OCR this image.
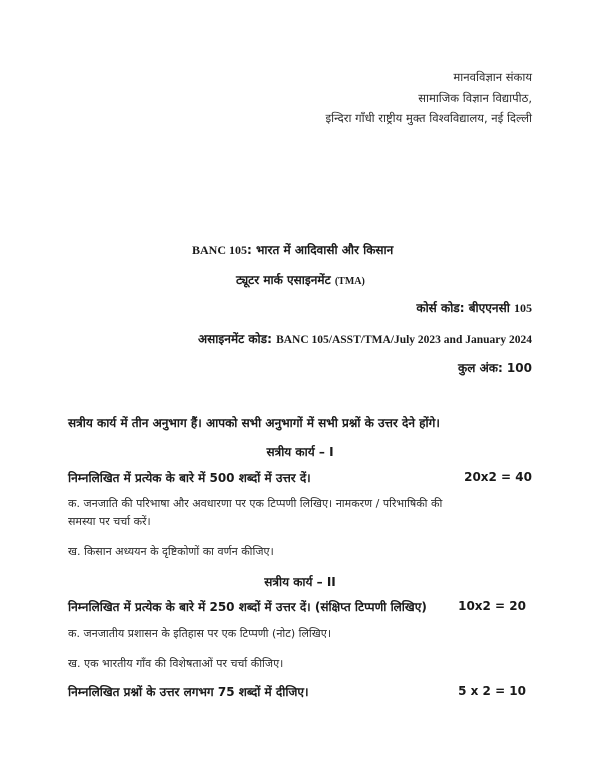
मानवविज्ञान संकाय
सामाजिक विज्ञान विद्यापीठ,
इन्दिरा गाँधी राष्ट्रीय मुक्त विश्वविद्यालय, नई दिल्ली
BANC 105: भारत में आदिवासी और किसान
ट्यूटर मार्क एसाइनमेंट (TMA)
कोर्स कोड: बीएएनसी 105
असाइनमेंट कोड: BANC 105/ASST/TMA/July 2023 and January 2024
कुल अंक: 100
सत्रीय कार्य में तीन अनुभाग हैं। आपको सभी अनुभागों में सभी प्रश्नों के उत्तर देने होंगे।
सत्रीय कार्य – I
निम्नलिखित में प्रत्येक के बारे में 500 शब्दों में उत्तर दें।	20x2 = 40
क. जनजाति की परिभाषा और अवधारणा पर एक टिप्पणी लिखिए। नामकरण / परिभाषिकी की
समस्या पर चर्चा करें।
ख. किसान अध्ययन के दृष्टिकोणों का वर्णन कीजिए।
सत्रीय कार्य – II
निम्नलिखित में प्रत्येक के बारे में 250 शब्दों में उत्तर दें। (संक्षिप्त टिप्पणी लिखिए)	10x2 = 20
क. जनजातीय प्रशासन के इतिहास पर एक टिप्पणी (नोट) लिखिए।
ख. एक भारतीय गाँव की विशेषताओं पर चर्चा कीजिए।
निम्नलिखित प्रश्नों के उत्तर लगभग 75 शब्दों में दीजिए।	5 x 2 = 10
